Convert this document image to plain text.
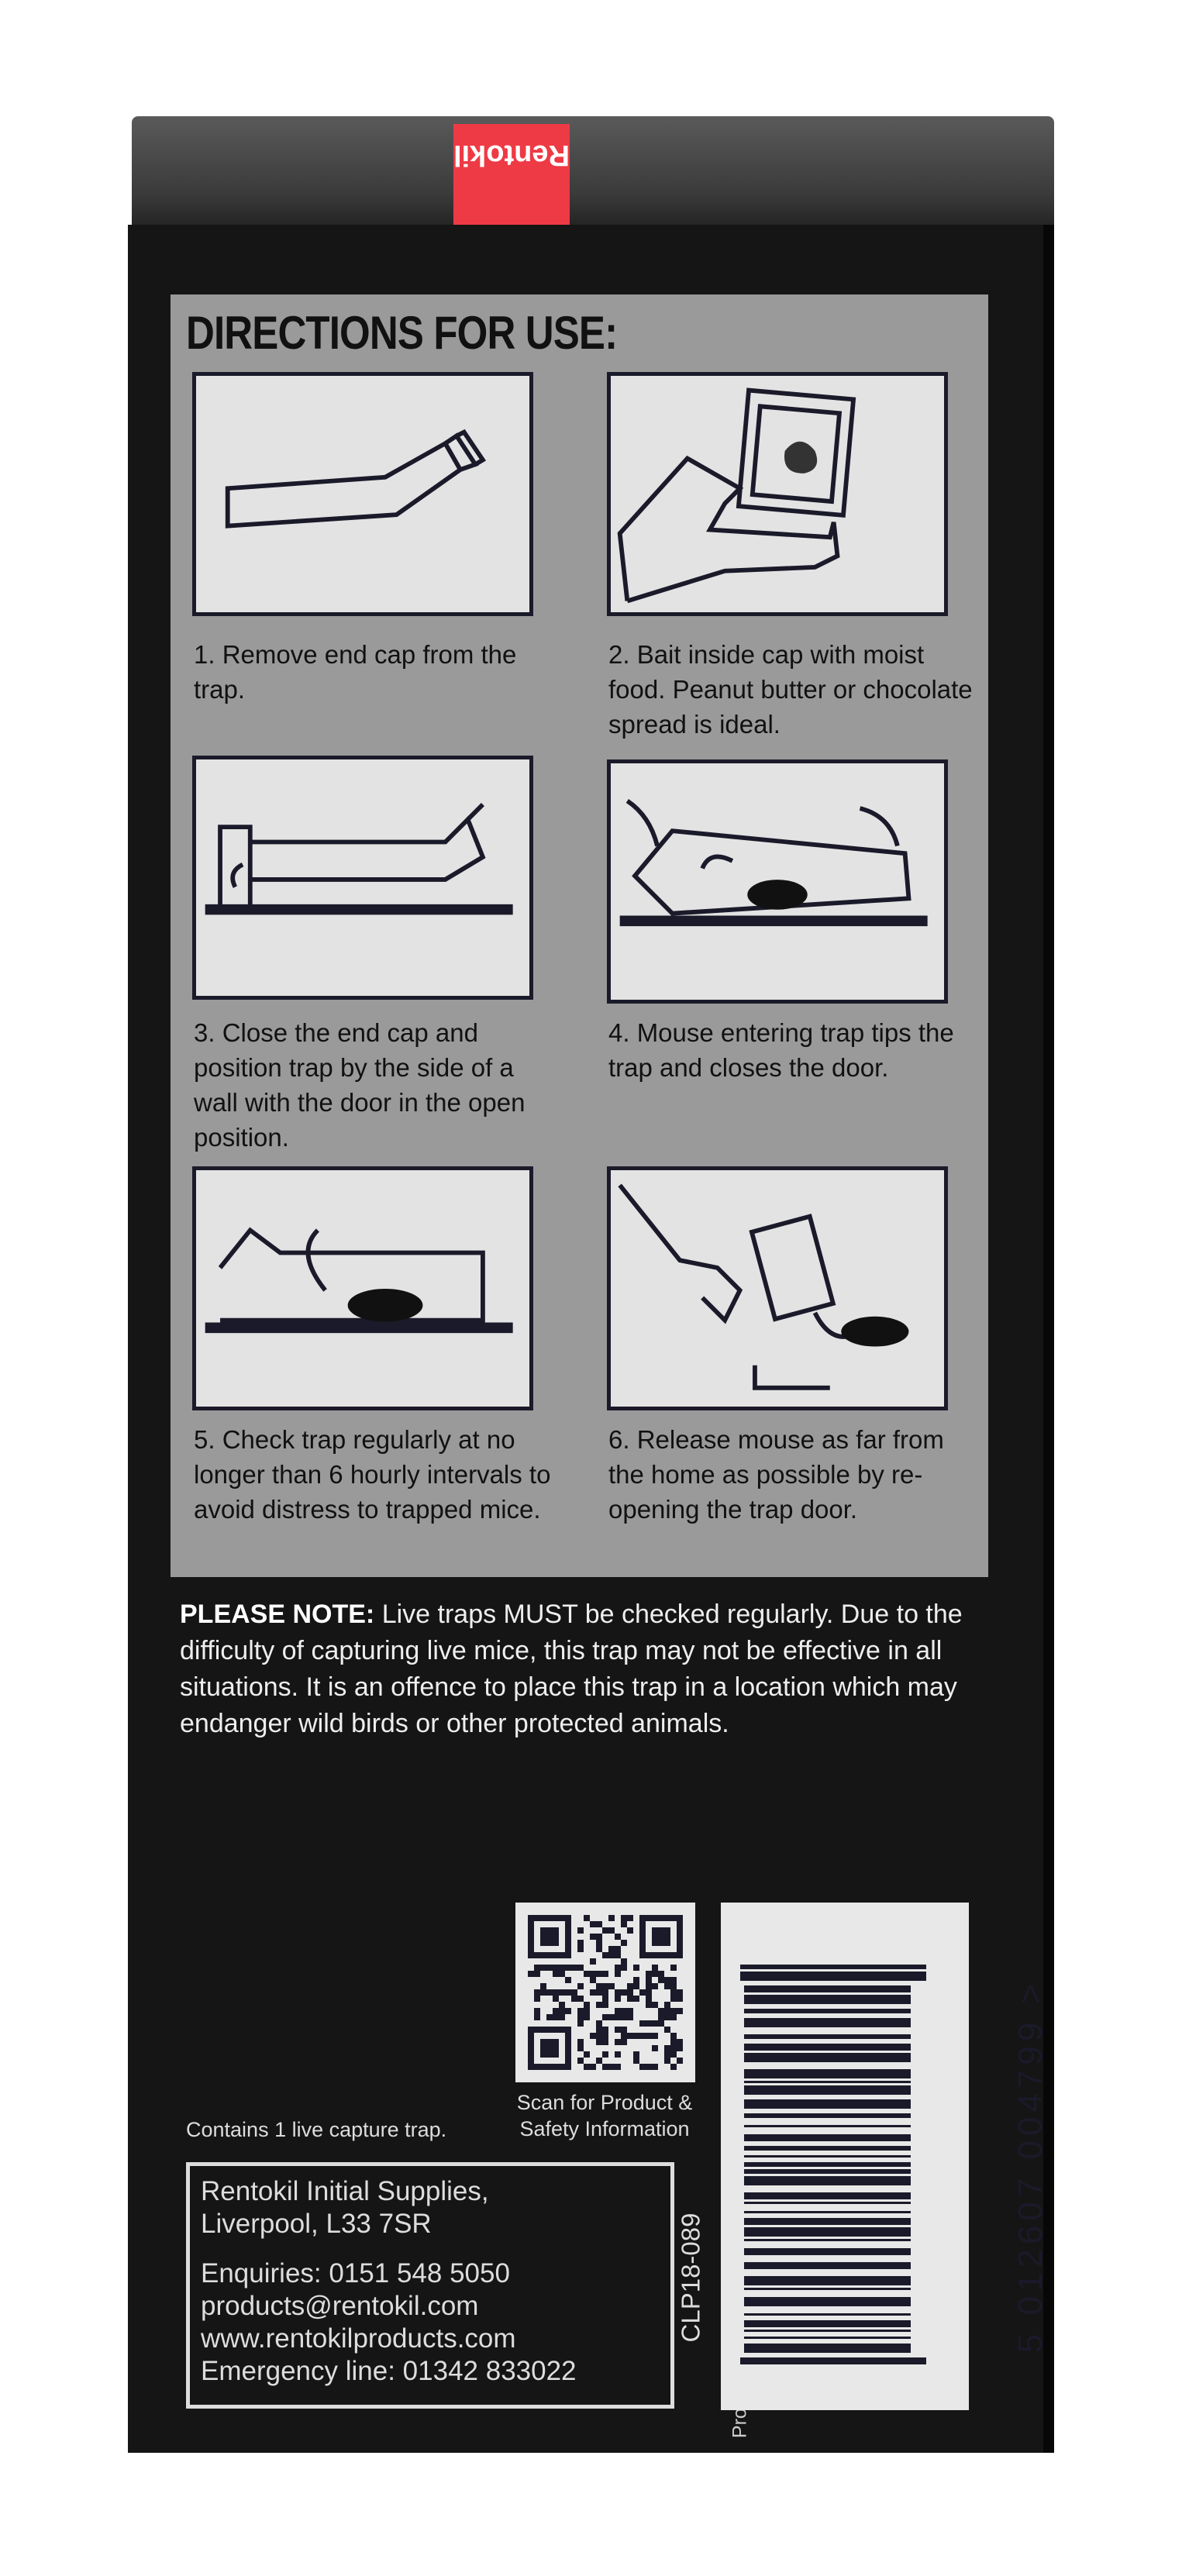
Rentokil
DIRECTIONS FOR USE:
1. Remove end cap from the trap.
2. Bait inside cap with moist food. Peanut butter or chocolate spread is ideal.
3. Close the end cap and position trap by the side of a wall with the door in the open position.
4. Mouse entering trap tips the trap and closes the door.
5. Check trap regularly at no longer than 6 hourly intervals to avoid distress to trapped mice.
6. Release mouse as far from the home as possible by re-opening the trap door.
PLEASE NOTE: Live traps MUST be checked regularly. Due to the difficulty of capturing live mice, this trap may not be effective in all situations. It is an offence to place this trap in a location which may endanger wild birds or other protected animals.
Scan for Product & Safety Information
Contains 1 live capture trap.
Rentokil Initial Supplies,
Liverpool, L33 7SR
Enquiries: 0151 548 5050
products@rentokil.com
www.rentokilproducts.com
Emergency line: 01342 833022
CLP18-089	5 012607 004799 >
